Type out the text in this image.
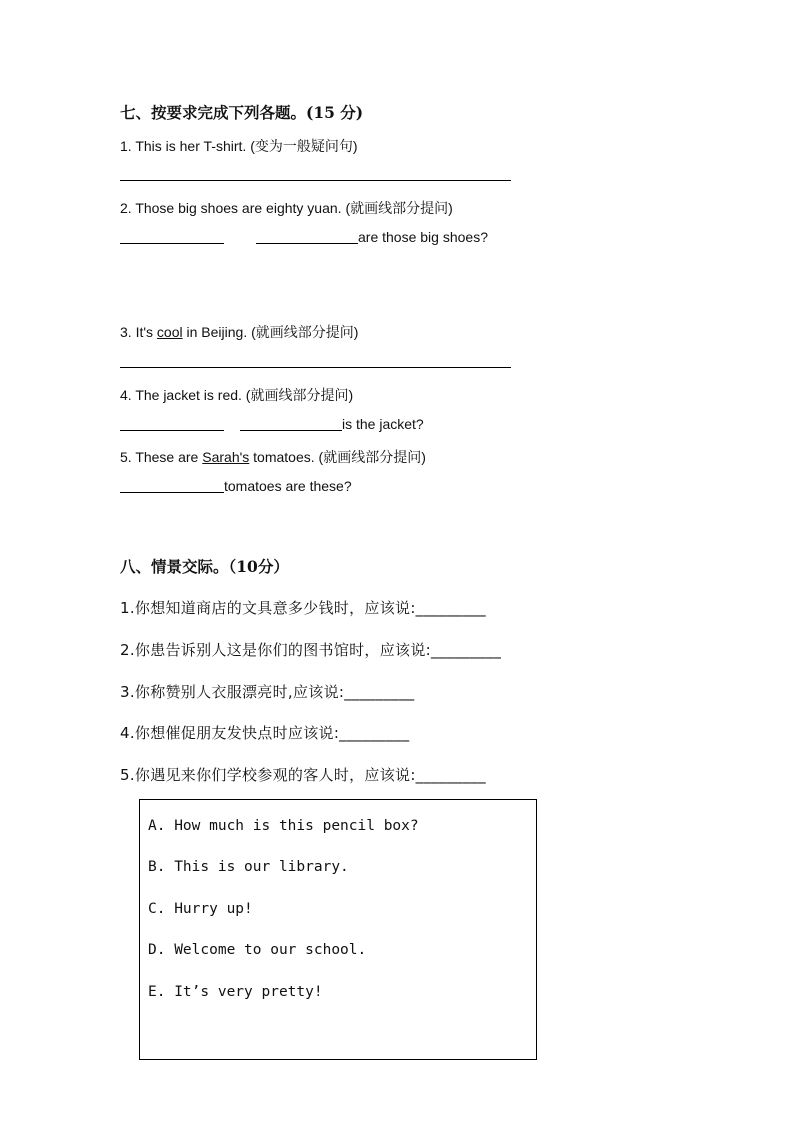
七、按要求完成下列各题。(15 分)
1. This is her T-shirt. (变为一般疑问句)
2. Those big shoes are eighty yuan. (就画线部分提问)
are those big shoes?
3. It's cool in Beijing. (就画线部分提问)
4. The jacket is red. (就画线部分提问)
is the jacket?
5. These are Sarah's tomatoes. (就画线部分提问)
tomatoes are these?
八、情景交际。（10分）
1.你想知道商店的文具意多少钱时，应该说:_________
2.你患告诉别人这是你们的图书馆时，应该说:_________
3.你称赞别人衣服漂亮时,应该说:_________
4.你想催促朋友发快点时应该说:_________
5.你遇见来你们学校参观的客人时，应该说:_________
A. How much is this pencil box?
B. This is our library.
C. Hurry up!
D. Welcome to our school.
E. It’s very pretty!
